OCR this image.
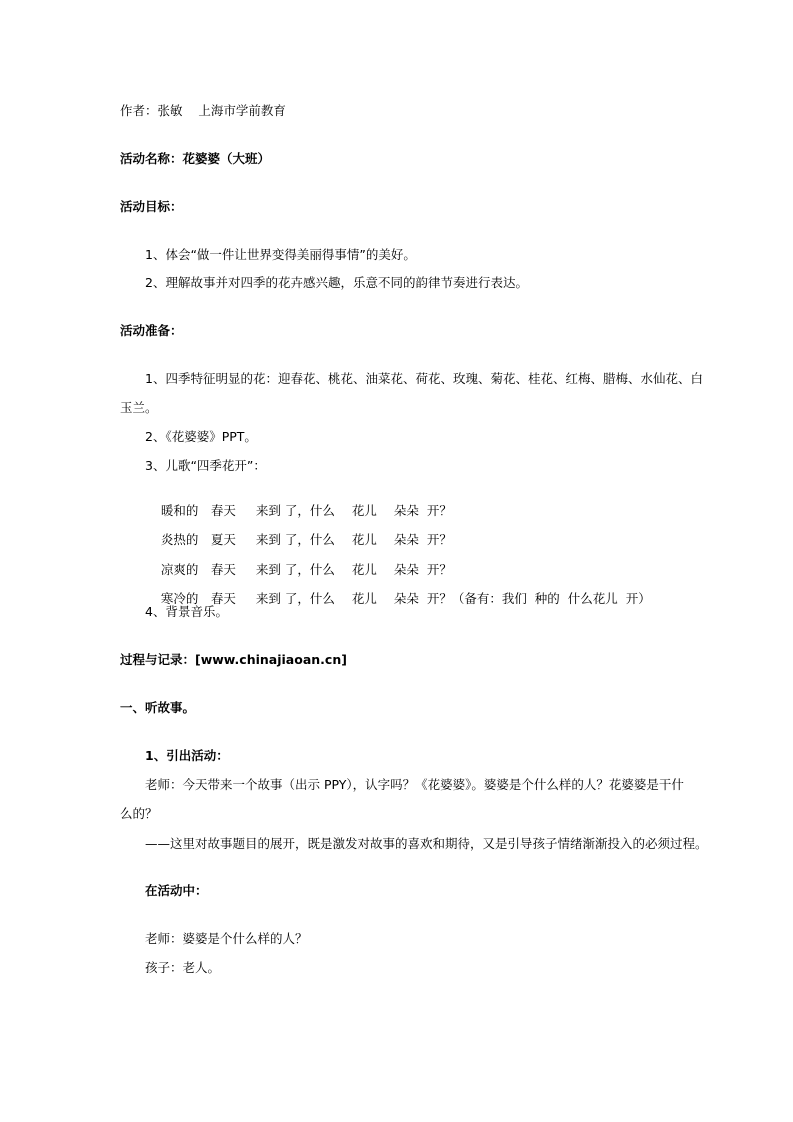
作者：张敏    上海市学前教育
活动名称：花婆婆（大班）
活动目标：
1、体会“做一件让世界变得美丽得事情”的美好。
2、理解故事并对四季的花卉感兴趣，乐意不同的韵律节奏进行表达。
活动准备：
1、四季特征明显的花：迎春花、桃花、油菜花、荷花、玫瑰、菊花、桂花、红梅、腊梅、水仙花、白
玉兰。
2、《花婆婆》PPT。
3、儿歌“四季花开”：

暖和的 春天 来到 了，什么 花儿 朵朵  开？

炎热的 夏天 来到 了，什么 花儿 朵朵  开？

凉爽的 春天 来到 了，什么 花儿 朵朵  开？

寒冷的 春天 来到 了，什么 花儿 朵朵  开？（备有：我们  种的  什么花儿  开）

4、背景音乐。
过程与记录：[www.chinajiaoan.cn]
一、听故事。
1、引出活动：
老师：今天带来一个故事（出示 PPY），认字吗？《花婆婆》。婆婆是个什么样的人？花婆婆是干什
么的？
——这里对故事题目的展开，既是激发对故事的喜欢和期待，又是引导孩子情绪渐渐投入的必须过程。
在活动中：
老师：婆婆是个什么样的人？
孩子：老人。
